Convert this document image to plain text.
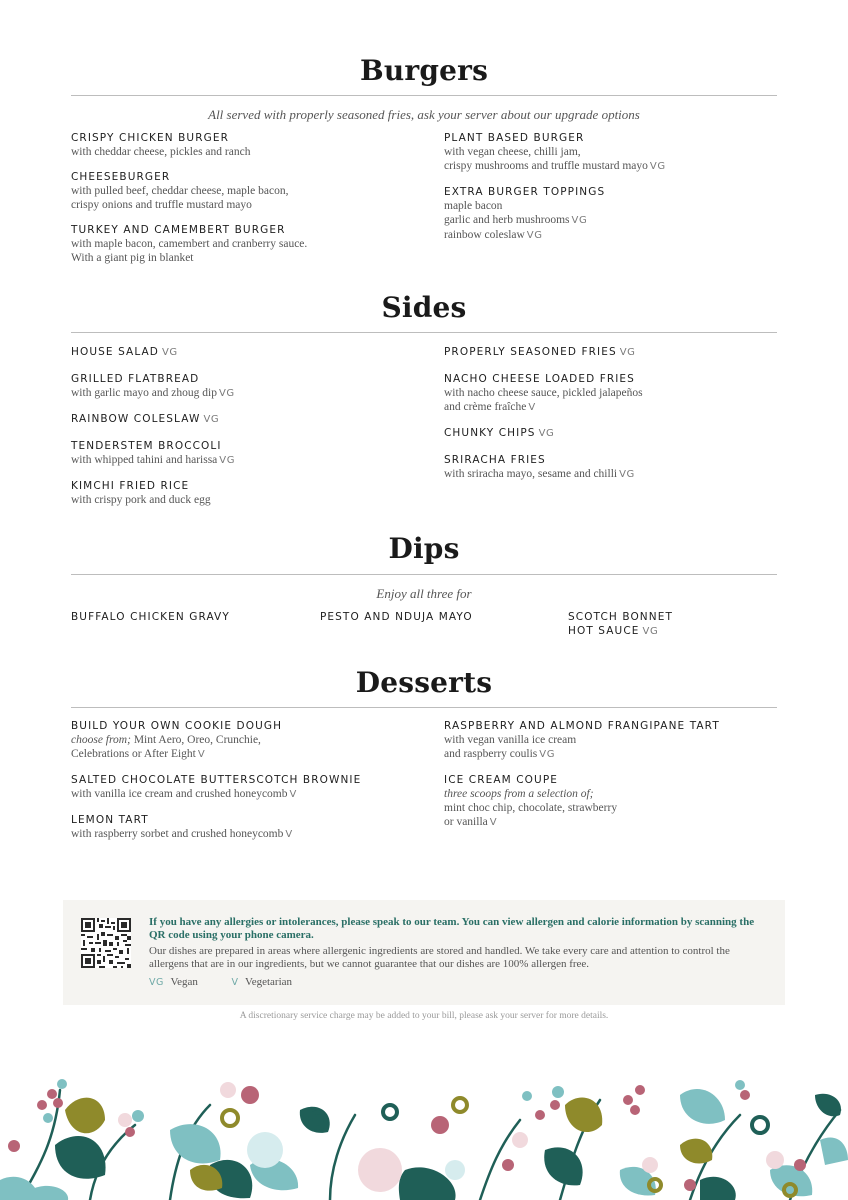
Burgers
All served with properly seasoned fries, ask your server about our upgrade options
CRISPY CHICKEN BURGER
with cheddar cheese, pickles and ranch
CHEESEBURGER
with pulled beef, cheddar cheese, maple bacon,
crispy onions and truffle mustard mayo
TURKEY AND CAMEMBERT BURGER
with maple bacon, camembert and cranberry sauce.
With a giant pig in blanket
PLANT BASED BURGER
with vegan cheese, chilli jam,
crispy mushrooms and truffle mustard mayo VG
EXTRA BURGER TOPPINGS
maple bacon
garlic and herb mushrooms VG
rainbow coleslaw VG
Sides
HOUSE SALAD VG
GRILLED FLATBREAD
with garlic mayo and zhoug dip VG
RAINBOW COLESLAW VG
TENDERSTEM BROCCOLI
with whipped tahini and harissa VG
KIMCHI FRIED RICE
with crispy pork and duck egg
PROPERLY SEASONED FRIES VG
NACHO CHEESE LOADED FRIES
with nacho cheese sauce, pickled jalapeños
and crème fraîche V
CHUNKY CHIPS VG
SRIRACHA FRIES
with sriracha mayo, sesame and chilli VG
Dips
Enjoy all three for
BUFFALO CHICKEN GRAVY	PESTO AND NDUJA MAYO	SCOTCH BONNET
HOT SAUCE VG
Desserts
BUILD YOUR OWN COOKIE DOUGH
choose from; Mint Aero, Oreo, Crunchie,
Celebrations or After Eight V
SALTED CHOCOLATE BUTTERSCOTCH BROWNIE
with vanilla ice cream and crushed honeycomb V
LEMON TART
with raspberry sorbet and crushed honeycomb V
RASPBERRY AND ALMOND FRANGIPANE TART
with vegan vanilla ice cream
and raspberry coulis VG
ICE CREAM COUPE
three scoops from a selection of;
mint choc chip, chocolate, strawberry
or vanilla V
If you have any allergies or intolerances, please speak to our team. You can view allergen and calorie information by scanning the QR code using your phone camera.
Our dishes are prepared in areas where allergenic ingredients are stored and handled. We take every care and attention to control the allergens that are in our ingredients, but we cannot guarantee that our dishes are 100% allergen free.
VG Vegan	V Vegetarian
A discretionary service charge may be added to your bill, please ask your server for more details.
